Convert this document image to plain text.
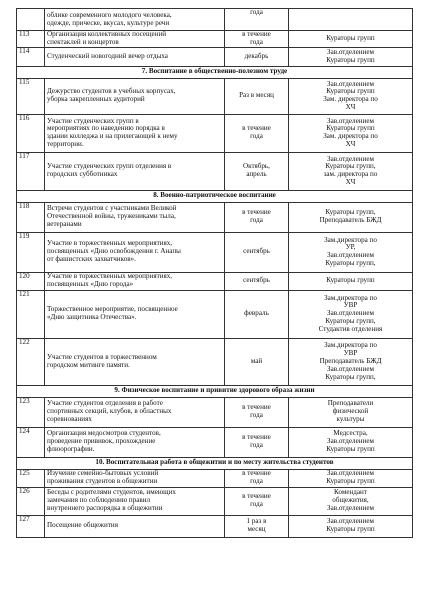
	облике современного молодого человека,
одежде, прическе, вкусах, культуре речи	года	

113	Организация коллективных посещений
спектаклей и концертов	в течение
года	Кураторы групп

114	Студенческий новогодний вечер отдыха	декабрь	Зав.отделением
Кураторы групп

7. Воспитание в общественно-полезном труде			
115	Дежурство студентов в учебных корпусах,
уборка закрепленных аудиторий	Раз в месяц	Зав.отделением
Кураторы групп
Зам. директора по
ХЧ

116	Участие студенческих групп в
мероприятиях по наведению порядка в
здании колледжа и на прилегающей к нему
территории.	в течение
года	Зав.отделением
Кураторы групп
Зам. директора по
ХЧ

117	Участие студенческих групп отделения в
городских субботниках	Октябрь,
апрель	Зав.отделением
Кураторы групп,
зам. директора по
ХЧ

8. Военно-патриотическое воспитание			
118	Встречи студентов с участниками Великой
Отечественной войны, тружениками тыла,
ветеранами	в течение
года	Кураторы групп,
Преподаватель БЖД

119	Участие в торжественных мероприятиях,
посвященных «Дню освобождения г. Анапы
от фашистских захватчиков».	сентябрь	Зам.директора по
УР,
Зав.отделением
Кураторы групп,

120	Участие в торжественных мероприятиях,
посвященных «Дню города»	сентябрь	Кураторы групп

121	Торжественное мероприятие, посвященное
«Дню защитника Отечества».	февраль	Зам.директора по
УВР
Зав.отделением
Кураторы групп,
Студактив отделения

122	Участие студентов в торжественном
городском митинге памяти.	май	Зам.директора по
УВР
Преподаватель БЖД
Зав.отделением
Кураторы групп,

9. Физическое воспитание и привитие здорового образа жизни			
123	Участие студентов отделения в работе
спортивных секций, клубов, в областных
соревнованиях	в течение
года	Преподаватели
физической
культуры

124	Организация медосмотров студентов,
проведение прививок, прохождение
флюорографии.	в течение
года	Медсестра,
Зав.отделением
Кураторы групп

10. Воспитательная работа в общежитии и по месту жительства студентов			
125	Изучение семейно-бытовых условий
проживания студентов в общежитии	в течение
года	Зав.отделением
Кураторы групп

126	Беседы с родителями студентов, имеющих
замечания по соблюдению правил
внутреннего распорядка в общежитии	в течение
года	Комендант
общежития,
Зав.отделением

127	Посещение общежития	1 раз в
месяц	Зав.отделением
Кураторы групп
